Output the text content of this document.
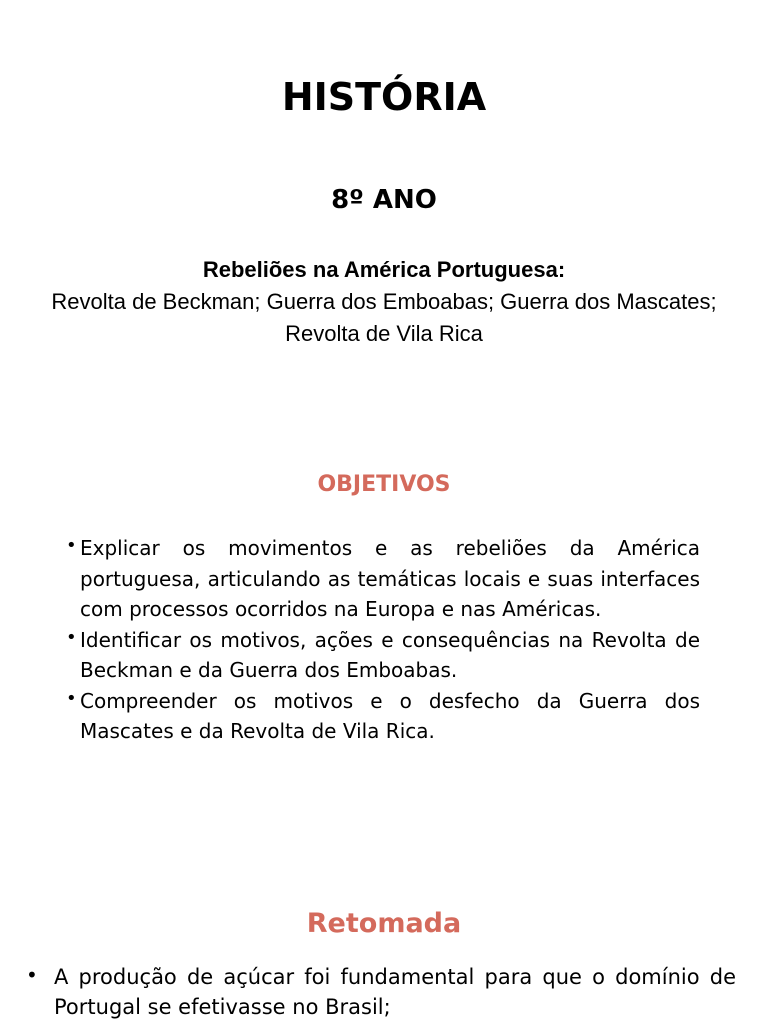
HISTÓRIA
8º ANO

Rebeliões na América Portuguesa:
Revolta de Beckman; Guerra dos Emboabas; Guerra dos Mascates; Revolta de Vila Rica

OBJETIVOS
• Explicar os movimentos e as rebeliões da América portuguesa, articulando as temáticas locais e suas interfaces com processos ocorridos na Europa e nas Américas.
• Identificar os motivos, ações e consequências na Revolta de Beckman e da Guerra dos Emboabas.
• Compreender os motivos e o desfecho da Guerra dos Mascates e da Revolta de Vila Rica.
Retomada
• A produção de açúcar foi fundamental para que o domínio de Portugal se efetivasse no Brasil;
